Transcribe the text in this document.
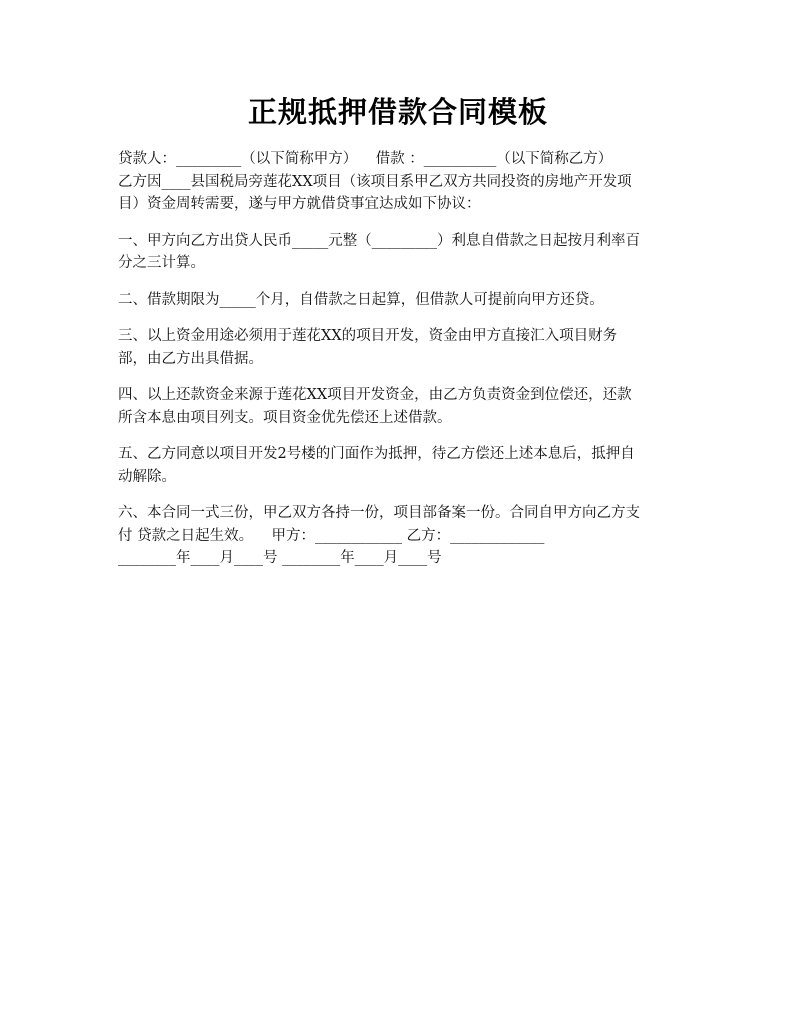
正规抵押借款合同模板
贷款人：_________（以下简称甲方）    借款 ：__________（以下简称乙方）
乙方因____县国税局旁莲花XX项目（该项目系甲乙双方共同投资的房地产开发项
目）资金周转需要，遂与甲方就借贷事宜达成如下协议：
一、甲方向乙方出贷人民币_____元整（_________）利息自借款之日起按月利率百
分之三计算。
二、借款期限为_____个月，自借款之日起算，但借款人可提前向甲方还贷。
三、以上资金用途必须用于莲花XX的项目开发，资金由甲方直接汇入项目财务
部，由乙方出具借据。
四、以上还款资金来源于莲花XX项目开发资金，由乙方负责资金到位偿还，还款
所含本息由项目列支。项目资金优先偿还上述借款。
五、乙方同意以项目开发2号楼的门面作为抵押，待乙方偿还上述本息后，抵押自
动解除。
六、本合同一式三份，甲乙双方各持一份，项目部备案一份。合同自甲方向乙方支
付 贷款之日起生效。    甲方：____________ 乙方：_____________
________年____月____号 ________年____月____号
